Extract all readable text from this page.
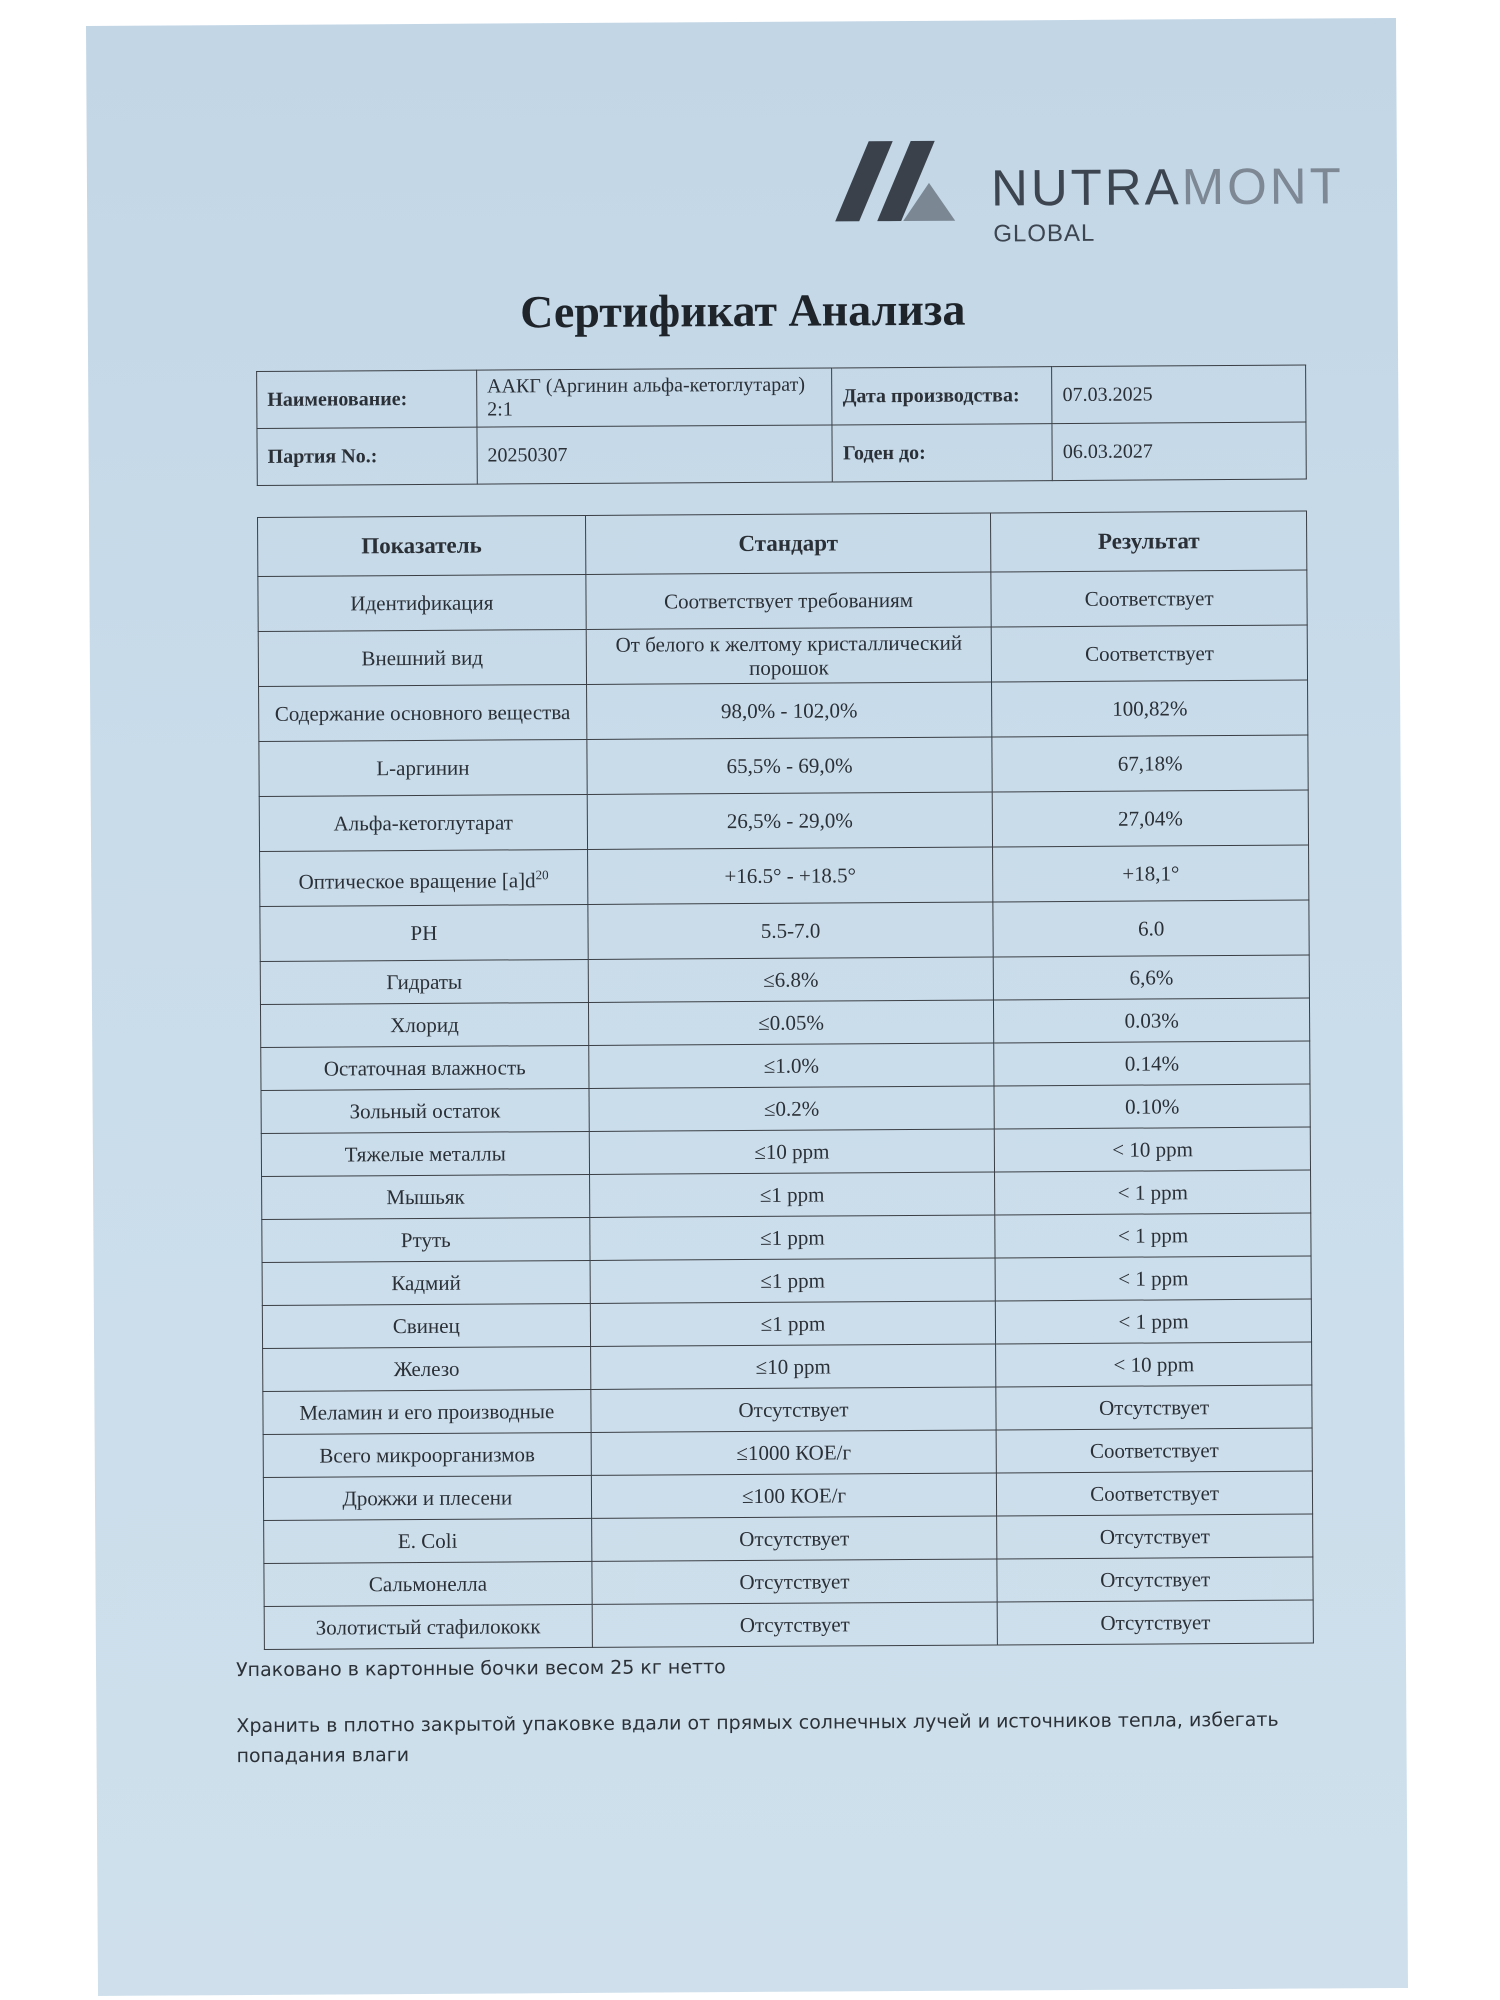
NUTRAMONT
GLOBAL
Сертификат Анализа
Наименование:	ААКГ (Аргинин альфа-кетоглутарат) 2:1	Дата производства:	07.03.2025
Партия No.:	20250307	Годен до:	06.03.2027
Показатель	Стандарт	Результат
Идентификация	Соответствует требованиям	Соответствует
Внешний вид	От белого к желтому кристаллический порошок	Соответствует
Содержание основного вещества	98,0% - 102,0%	100,82%
L-аргинин	65,5% - 69,0%	67,18%
Альфа-кетоглутарат	26,5% - 29,0%	27,04%
Оптическое вращение $[a]d^{20}$	+16.5° - +18.5°	+18,1°
PH	5.5-7.0	6.0
Гидраты	≤6.8%	6,6%
Хлорид	≤0.05%	0.03%
Остаточная влажность	≤1.0%	0.14%
Зольный остаток	≤0.2%	0.10%
Тяжелые металлы	≤10 ppm	< 10 ppm
Мышьяк	≤1 ppm	< 1 ppm
Ртуть	≤1 ppm	< 1 ppm
Кадмий	≤1 ppm	< 1 ppm
Свинец	≤1 ppm	< 1 ppm
Железо	≤10 ppm	< 10 ppm
Меламин и его производные	Отсутствует	Отсутствует
Всего микроорганизмов	≤1000 КОЕ/г	Соответствует
Дрожжи и плесени	≤100 КОЕ/г	Соответствует
E. Coli	Отсутствует	Отсутствует
Сальмонелла	Отсутствует	Отсутствует
Золотистый стафилококк	Отсутствует	Отсутствует
Упаковано в картонные бочки весом 25 кг нетто
Хранить в плотно закрытой упаковке вдали от прямых солнечных лучей и источников тепла, избегать попадания влаги
